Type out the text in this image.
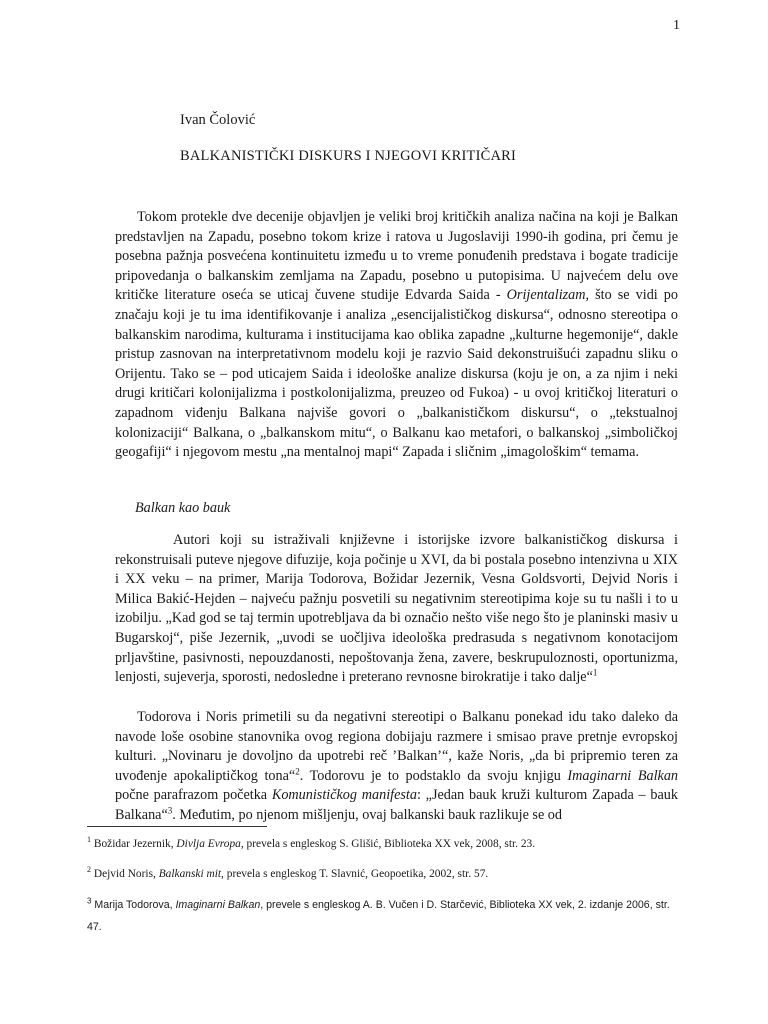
1
Ivan Čolović
BALKANISTIČKI DISKURS I NJEGOVI KRITIČARI

Tokom protekle dve decenije objavljen je veliki broj kritičkih analiza načina na koji je Balkan predstavljen na Zapadu, posebno tokom krize i ratova u Jugoslaviji 1990-ih godina, pri čemu je posebna pažnja posvećena kontinuitetu između u to vreme ponuđenih predstava i bogate tradicije pripovedanja o balkanskim zemljama na Zapadu, posebno u putopisima. U najvećem delu ove kritičke literature oseća se uticaj čuvene studije Edvarda Saida - Orijentalizam, što se vidi po značaju koji je tu ima identifikovanje i analiza „esencijalističkog diskursa“, odnosno stereotipa o balkanskim narodima, kulturama i institucijama kao oblika zapadne „kulturne hegemonije“, dakle pristup zasnovan na interpretativnom modelu koji je razvio Said dekonstruišući zapadnu sliku o Orijentu. Tako se – pod uticajem Saida i ideološke analize diskursa (koju je on, a za njim i neki drugi kritičari kolonijalizma i postkolonijalizma, preuzeo od Fukoa) - u ovoj kritičkoj literaturi o zapadnom viđenju Balkana najviše govori o „balkanističkom diskursu“, o „tekstualnoj kolonizaciji“ Balkana, o „balkanskom mitu“, o Balkanu kao metafori, o balkanskoj „simboličkoj geogafiji“ i njegovom mestu „na mentalnoj mapi“ Zapada i sličnim „imagološkim“ temama.

Balkan kao bauk

Autori koji su istraživali književne i istorijske izvore balkanističkog diskursa i rekonstruisali puteve njegove difuzije, koja počinje u XVI, da bi postala posebno intenzivna u XIX i XX veku – na primer, Marija Todorova, Božidar Jezernik, Vesna Goldsvorti, Dejvid Noris i Milica Bakić-Hejden – najveću pažnju posvetili su negativnim stereotipima koje su tu našli i to u izobilju. „Kad god se taj termin upotrebljava da bi označio nešto više nego što je planinski masiv u Bugarskoj“, piše Jezernik, „uvodi se uočljiva ideološka predrasuda s negativnom konotacijom prljavštine, pasivnosti, nepouzdanosti, nepoštovanja žena, zavere, beskrupuloznosti, oportunizma, lenjosti, sujeverja, sporosti, nedosledne i preterano revnosne birokratije i tako dalje“$^1$

Todorova i Noris primetili su da negativni stereotipi o Balkanu ponekad idu tako daleko da navode loše osobine stanovnika ovog regiona dobijaju razmere i smisao prave pretnje evropskoj kulturi. „Novinaru je dovoljno da upotrebi reč ’Balkan’“, kaže Noris, „da bi pripremio teren za uvođenje apokaliptičkog tona“$^2$. Todorovu je to podstaklo da svoju knjigu Imaginarni Balkan počne parafrazom početka Komunističkog manifesta: „Jedan bauk kruži kulturom Zapada – bauk Balkana“$^3$. Međutim, po njenom mišljenju, ovaj balkanski bauk razlikuje se od

$^1$ Božidar Jezernik, Divlja Evropa, prevela s engleskog S. Glišić, Biblioteka XX vek, 2008, str. 23.

$^2$ Dejvid Noris, Balkanski mit, prevela s engleskog T. Slavnić, Geopoetika, 2002, str. 57.

$^3$ Marija Todorova, Imaginarni Balkan, prevele s engleskog A. B. Vučen i D. Starčević, Biblioteka XX vek, 2. izdanje 2006, str. 47.
